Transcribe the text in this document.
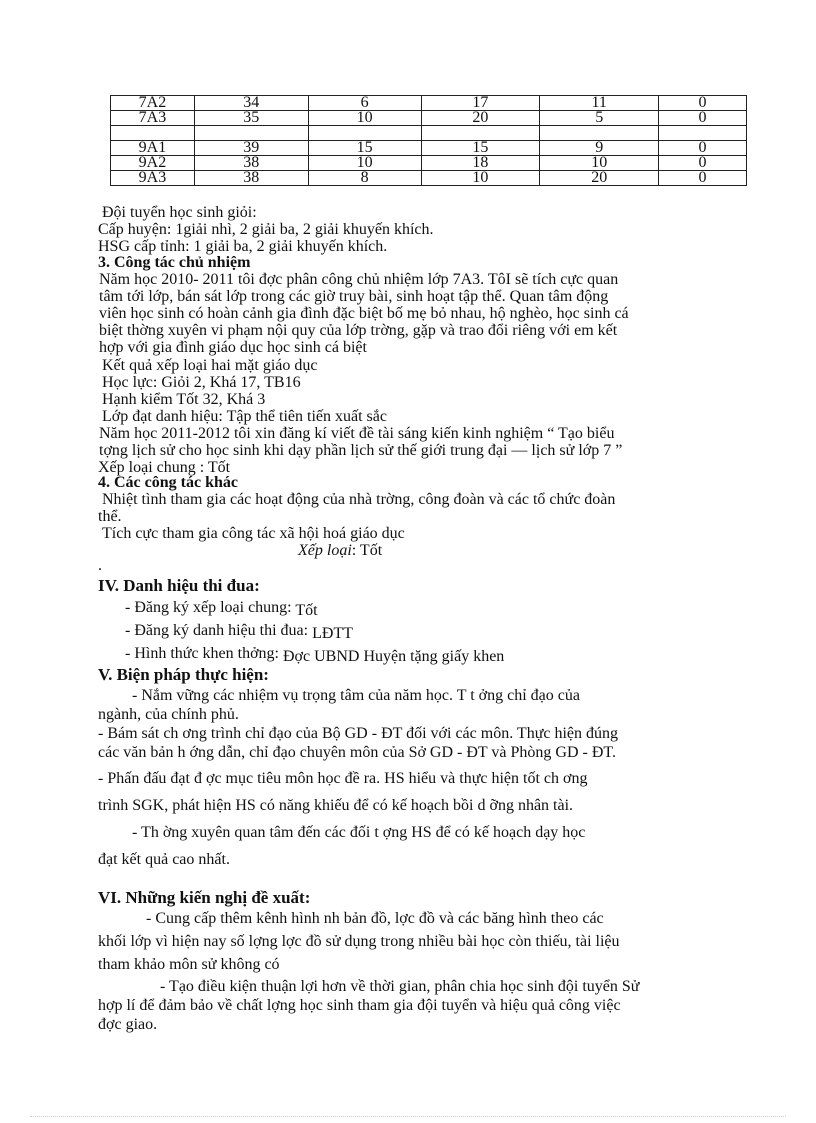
7A2	34	6	17	11	0
7A3	35	10	20	5	0

9A1	39	15	15	9	0
9A2	38	10	18	10	0
9A3	38	8	10	20	0
Đội tuyển học sinh giỏi:
Cấp huyện: 1giải nhì, 2 giải ba, 2 giải khuyến khích.
HSG cấp tỉnh: 1 giải ba, 2 giải khuyến khích.
3. Công tác chủ nhiệm
Năm học 2010- 2011 tôi đợc phân công chủ nhiệm lớp 7A3. TôI sẽ tích cực quan
tâm tới lớp, bán sát lớp trong các giờ truy bài, sinh hoạt tập thể. Quan tâm động
viên học sinh có hoàn cảnh gia đình đặc biệt bố mẹ bỏ nhau, hộ nghèo, học sinh cá
biệt thờng xuyên vi phạm nội quy của lớp trờng, gặp và trao đổi riêng với em kết
hợp với gia đình giáo dục học sinh cá biệt
Kết quả xếp loại hai mặt giáo dục
Học lực: Giỏi 2, Khá 17, TB16
Hạnh kiểm Tốt 32, Khá 3
Lớp đạt danh hiệu: Tập thể tiên tiến xuất sắc
Năm học 2011-2012 tôi xin đăng kí viết đề tài sáng kiến kinh nghiệm “ Tạo biểu
tợng lịch sử cho học sinh khi dạy phần lịch sử thế giới trung đại — lịch sử lớp 7 ”
Xếp loại chung : Tốt
4. Các công tác khác
Nhiệt tình tham gia các hoạt động của nhà trờng, công đoàn và các tổ chức đoàn
thể.
Tích cực tham gia công tác xã hội hoá giáo dục
Xếp loại: Tốt
.
IV. Danh hiệu thi đua:
- Đăng ký xếp loại chung: Tốt
- Đăng ký danh hiệu thi đua: LĐTT
- Hình thức khen thởng: Đợc UBND Huyện tặng giấy khen
V. Biện pháp thực hiện:
- Nắm vững các nhiệm vụ trọng tâm của năm học. T t ởng chỉ đạo của
ngành, của chính phủ.
- Bám sát ch ơng trình chỉ đạo của Bộ GD - ĐT đối với các môn. Thực hiện đúng
các văn bản h ớng dẫn, chỉ đạo chuyên môn của Sở GD - ĐT và Phòng GD - ĐT.
- Phấn đấu đạt đ ợc mục tiêu môn học đề ra. HS hiểu và thực hiện tốt ch ơng
trình SGK, phát hiện HS có năng khiếu để có kế hoạch bồi d ỡng nhân tài.
- Th ờng xuyên quan tâm đến các đối t ợng HS để có kế hoạch dạy học
đạt kết quả cao nhất.
VI. Những kiến nghị đề xuất:
- Cung cấp thêm kênh hình nh bản đồ, lợc đồ và các băng hình theo các
khối lớp vì hiện nay số lợng lợc đồ sử dụng trong nhiều bài học còn thiếu, tài liệu
tham khảo môn sử không có
- Tạo điều kiện thuận lợi hơn về thời gian, phân chia học sinh đội tuyển Sử
hợp lí để đảm bảo về chất lợng học sinh tham gia đội tuyển và hiệu quả công việc
đợc giao.
